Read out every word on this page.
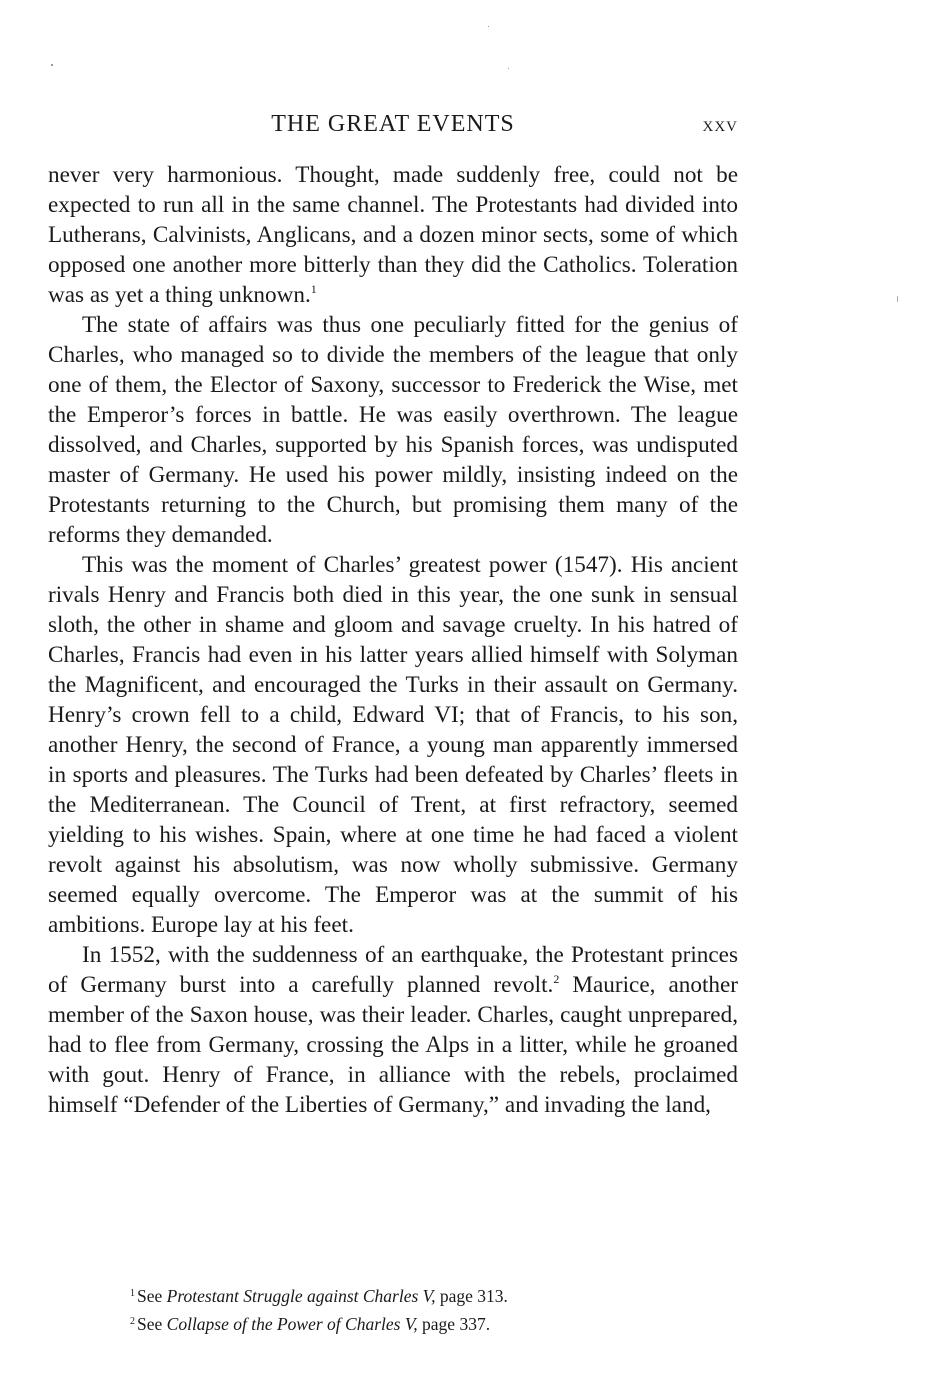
THE GREAT EVENTS	xxv

never very harmonious. Thought, made suddenly free, could not be expected to run all in the same channel. The Protestants had divided into Lutherans, Calvinists, Anglicans, and a dozen minor sects, some of which opposed one another more bitterly than they did the Catholics. Toleration was as yet a thing unknown.$^1$

The state of affairs was thus one peculiarly fitted for the genius of Charles, who managed so to divide the members of the league that only one of them, the Elector of Saxony, successor to Frederick the Wise, met the Emperor’s forces in battle. He was easily overthrown. The league dissolved, and Charles, supported by his Spanish forces, was undisputed master of Germany. He used his power mildly, insisting indeed on the Protestants returning to the Church, but promising them many of the reforms they demanded.

This was the moment of Charles’ greatest power (1547). His ancient rivals Henry and Francis both died in this year, the one sunk in sensual sloth, the other in shame and gloom and savage cruelty. In his hatred of Charles, Francis had even in his latter years allied himself with Solyman the Magnificent, and encouraged the Turks in their assault on Germany. Henry’s crown fell to a child, Edward VI; that of Francis, to his son, another Henry, the second of France, a young man apparently immersed in sports and pleasures. The Turks had been defeated by Charles’ fleets in the Mediterranean. The Council of Trent, at first refractory, seemed yielding to his wishes. Spain, where at one time he had faced a violent revolt against his absolutism, was now wholly submissive. Germany seemed equally overcome. The Emperor was at the summit of his ambitions. Europe lay at his feet.

In 1552, with the suddenness of an earthquake, the Protestant princes of Germany burst into a carefully planned revolt.$^2$ Maurice, another member of the Saxon house, was their leader. Charles, caught unprepared, had to flee from Germany, crossing the Alps in a litter, while he groaned with gout. Henry of France, in alliance with the rebels, proclaimed himself “Defender of the Liberties of Germany,” and invading the land,

$^1$ See Protestant Struggle against Charles V, page 313.
$^2$ See Collapse of the Power of Charles V, page 337.
